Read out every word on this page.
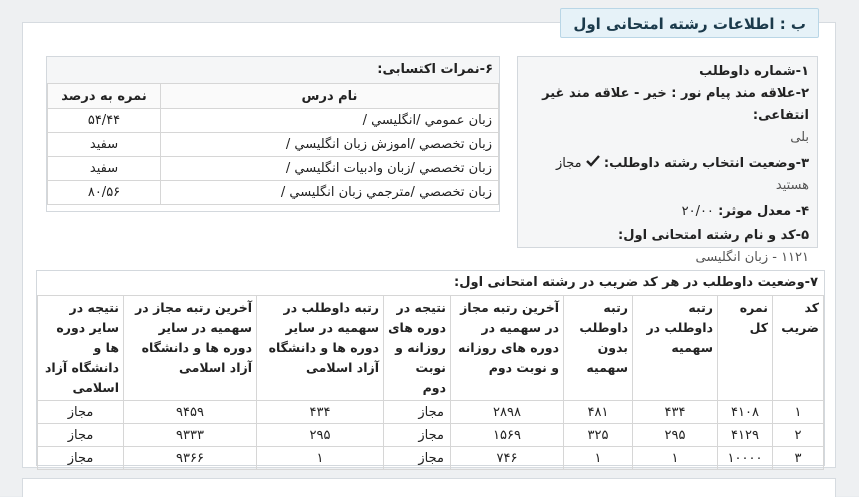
ب : اطلاعات رشته امتحانی اول
۱-شماره داوطلب
۲-علاقه مند پیام نور : خیر - علاقه مند غیر انتفاعی:
بلی
۳-وضعیت انتخاب رشته داوطلب:  مجاز
هستید
۴- معدل موثر: ۲۰/۰۰
۵-کد و نام رشته امتحانی اول:
۱۱۲۱ - زبان انگلیسی
۶-نمرات اکتسابی:
نام درس	نمره به درصد
زبان عمومي /انگليسي /	۵۴/۴۴
زبان تخصصي /اموزش زبان انگليسي /	سفيد
زبان تخصصي /زبان وادبيات انگليسي /	سفيد
زبان تخصصي /مترجمي زبان انگليسي /	۸۰/۵۶
۷-وضعیت داوطلب در هر کد ضریب در رشته امتحانی اول:
کد ضریب	نمره کل	رتبه داوطلب در سهمیه	رتبه داوطلب بدون سهمیه	آخرین رتبه مجاز در سهمیه در دوره های روزانه و نوبت دوم	نتیجه در دوره های روزانه و نوبت دوم	رتبه داوطلب در سهمیه در سایر دوره ها و دانشگاه آزاد اسلامی	آخرین رتبه مجاز در سهمیه در سایر دوره ها و دانشگاه آزاد اسلامی	نتیجه در سایر دوره ها و دانشگاه آزاد اسلامی
۱	۴۱۰۸	۴۳۴	۴۸۱	۲۸۹۸	مجاز	۴۳۴	۹۴۵۹	مجاز
۲	۴۱۲۹	۲۹۵	۳۲۵	۱۵۶۹	مجاز	۲۹۵	۹۳۳۳	مجاز
۳	۱۰۰۰۰	۱	۱	۷۴۶	مجاز	۱	۹۳۶۶	مجاز
